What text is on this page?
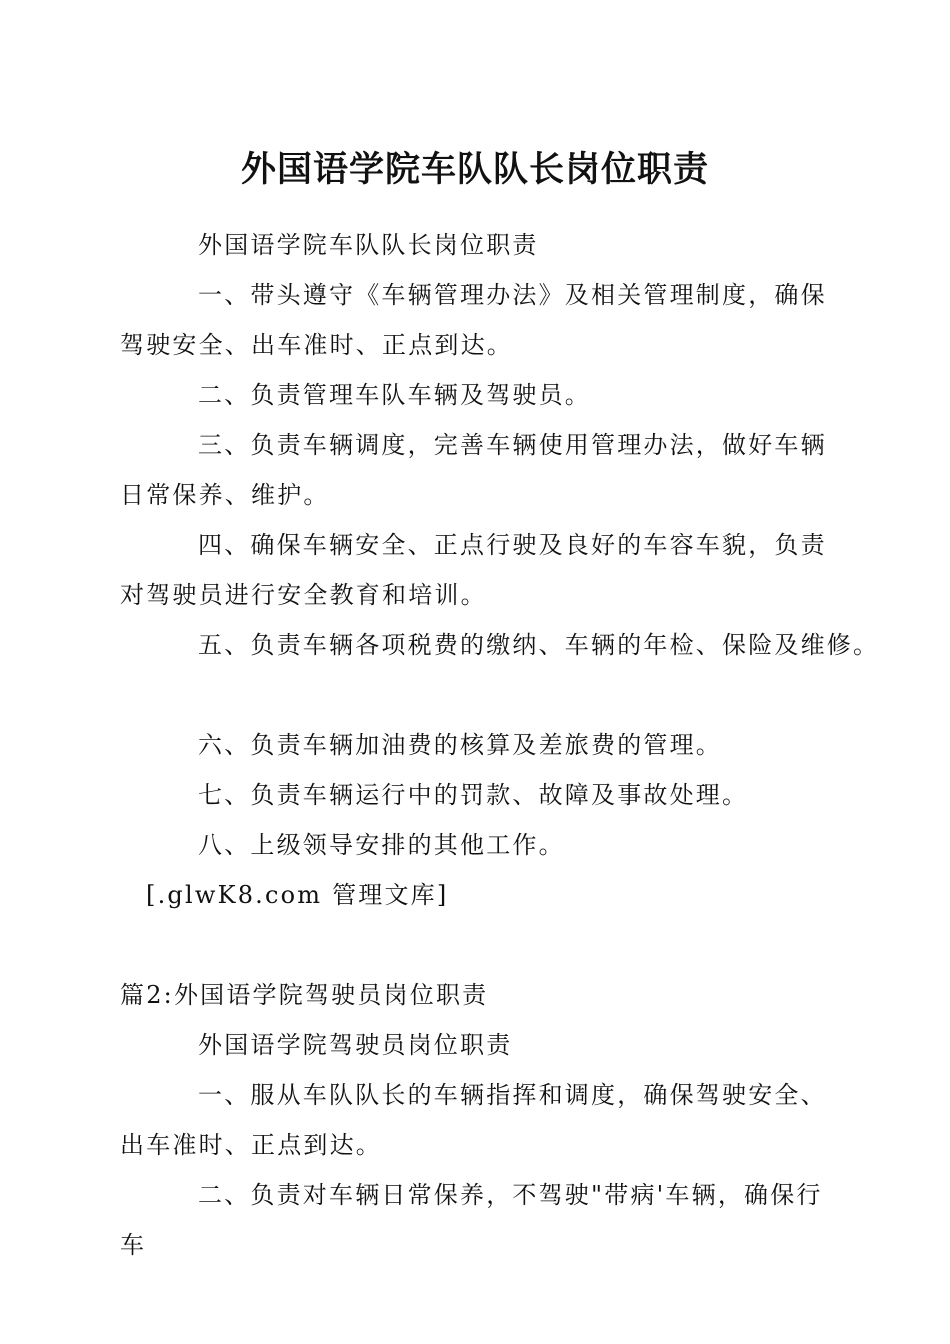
外国语学院车队队长岗位职责

外国语学院车队队长岗位职责

一、带头遵守《车辆管理办法》及相关管理制度，确保驾驶安全、出车准时、正点到达。

二、负责管理车队车辆及驾驶员。

三、负责车辆调度，完善车辆使用管理办法，做好车辆日常保养、维护。

四、确保车辆安全、正点行驶及良好的车容车貌，负责对驾驶员进行安全教育和培训。

五、负责车辆各项税费的缴纳、车辆的年检、保险及维修。

六、负责车辆加油费的核算及差旅费的管理。

七、负责车辆运行中的罚款、故障及事故处理。

八、上级领导安排的其他工作。

[.glwK8.com 管理文库]

篇2:外国语学院驾驶员岗位职责

外国语学院驾驶员岗位职责

一、服从车队队长的车辆指挥和调度，确保驾驶安全、出车准时、正点到达。

二、负责对车辆日常保养，不驾驶"带病'车辆，确保行车
